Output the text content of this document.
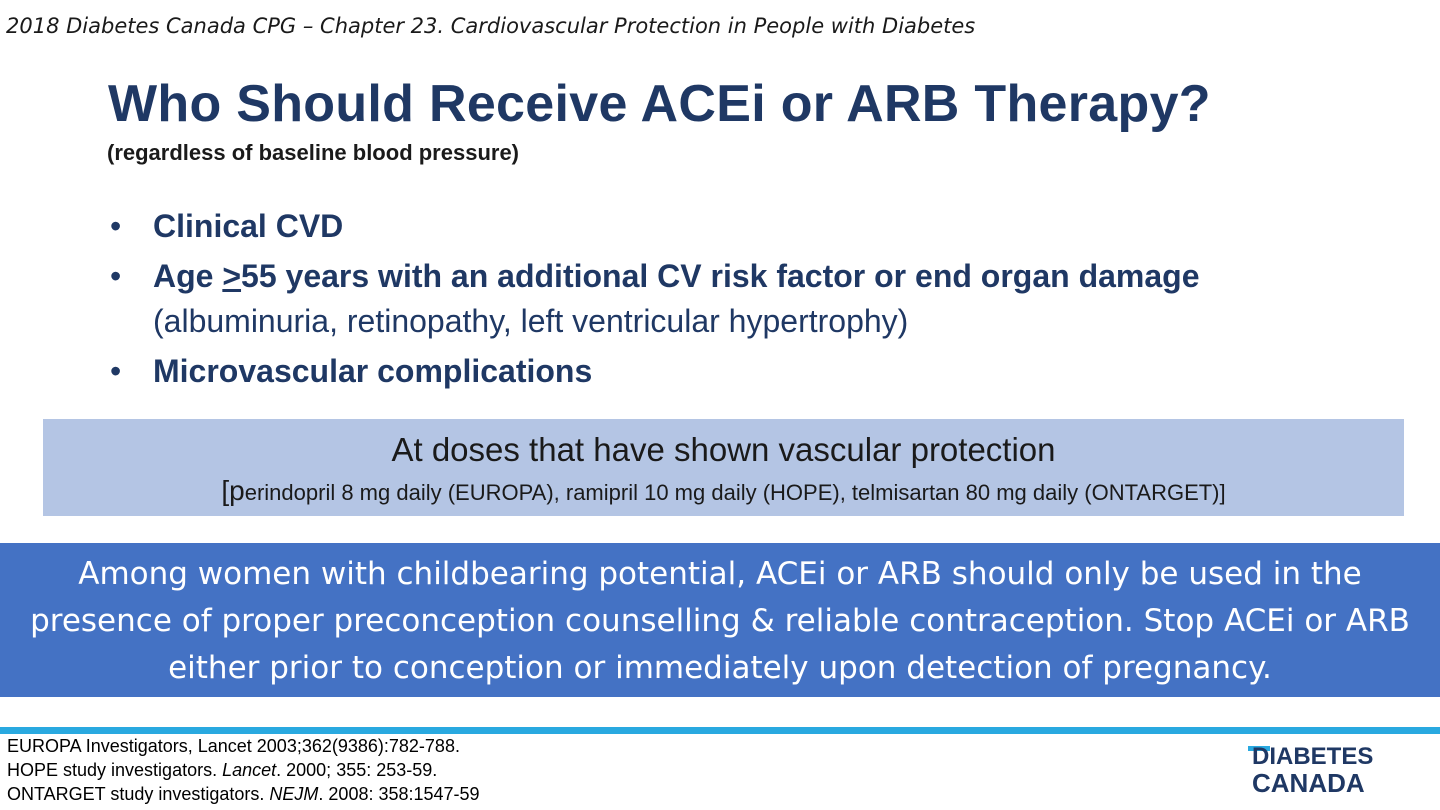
2018 Diabetes Canada CPG – Chapter 23. Cardiovascular Protection in People with Diabetes
Who Should Receive ACEi or ARB Therapy?
(regardless of baseline blood pressure)
• Clinical CVD
• Age >55 years with an additional CV risk factor or end organ damage (albuminuria, retinopathy, left ventricular hypertrophy)
• Microvascular complications
At doses that have shown vascular protection
[perindopril 8 mg daily (EUROPA), ramipril 10 mg daily (HOPE), telmisartan 80 mg daily (ONTARGET)]
Among women with childbearing potential, ACEi or ARB should only be used in the presence of proper preconception counselling & reliable contraception. Stop ACEi or ARB either prior to conception or immediately upon detection of pregnancy.
EUROPA Investigators, Lancet 2003;362(9386):782-788.
HOPE study investigators. Lancet. 2000; 355: 253-59.
ONTARGET study investigators. NEJM. 2008: 358:1547-59
DIABETES
CANADA
